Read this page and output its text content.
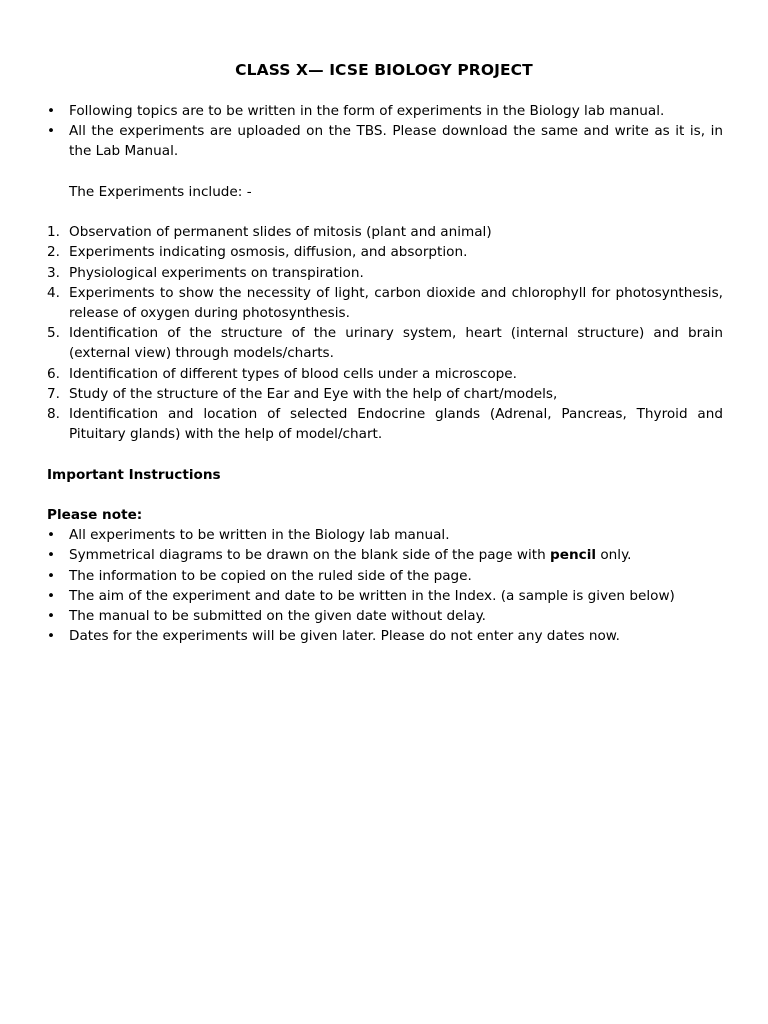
CLASS X— ICSE BIOLOGY PROJECT
• Following topics are to be written in the form of experiments in the Biology lab manual.
• All the experiments are uploaded on the TBS. Please download the same and write as it is, in the Lab Manual.
The Experiments include: -
1. Observation of permanent slides of mitosis (plant and animal)
2. Experiments indicating osmosis, diffusion, and absorption.
3. Physiological experiments on transpiration.
4. Experiments to show the necessity of light, carbon dioxide and chlorophyll for photosynthesis, release of oxygen during photosynthesis.
5. Identification of the structure of the urinary system, heart (internal structure) and brain (external view) through models/charts.
6. Identification of different types of blood cells under a microscope.
7. Study of the structure of the Ear and Eye with the help of chart/models,
8. Identification and location of selected Endocrine glands (Adrenal, Pancreas, Thyroid and Pituitary glands) with the help of model/chart.
Important Instructions
Please note:
• All experiments to be written in the Biology lab manual.
• Symmetrical diagrams to be drawn on the blank side of the page with pencil only.
• The information to be copied on the ruled side of the page.
• The aim of the experiment and date to be written in the Index. (a sample is given below)
• The manual to be submitted on the given date without delay.
• Dates for the experiments will be given later. Please do not enter any dates now.
